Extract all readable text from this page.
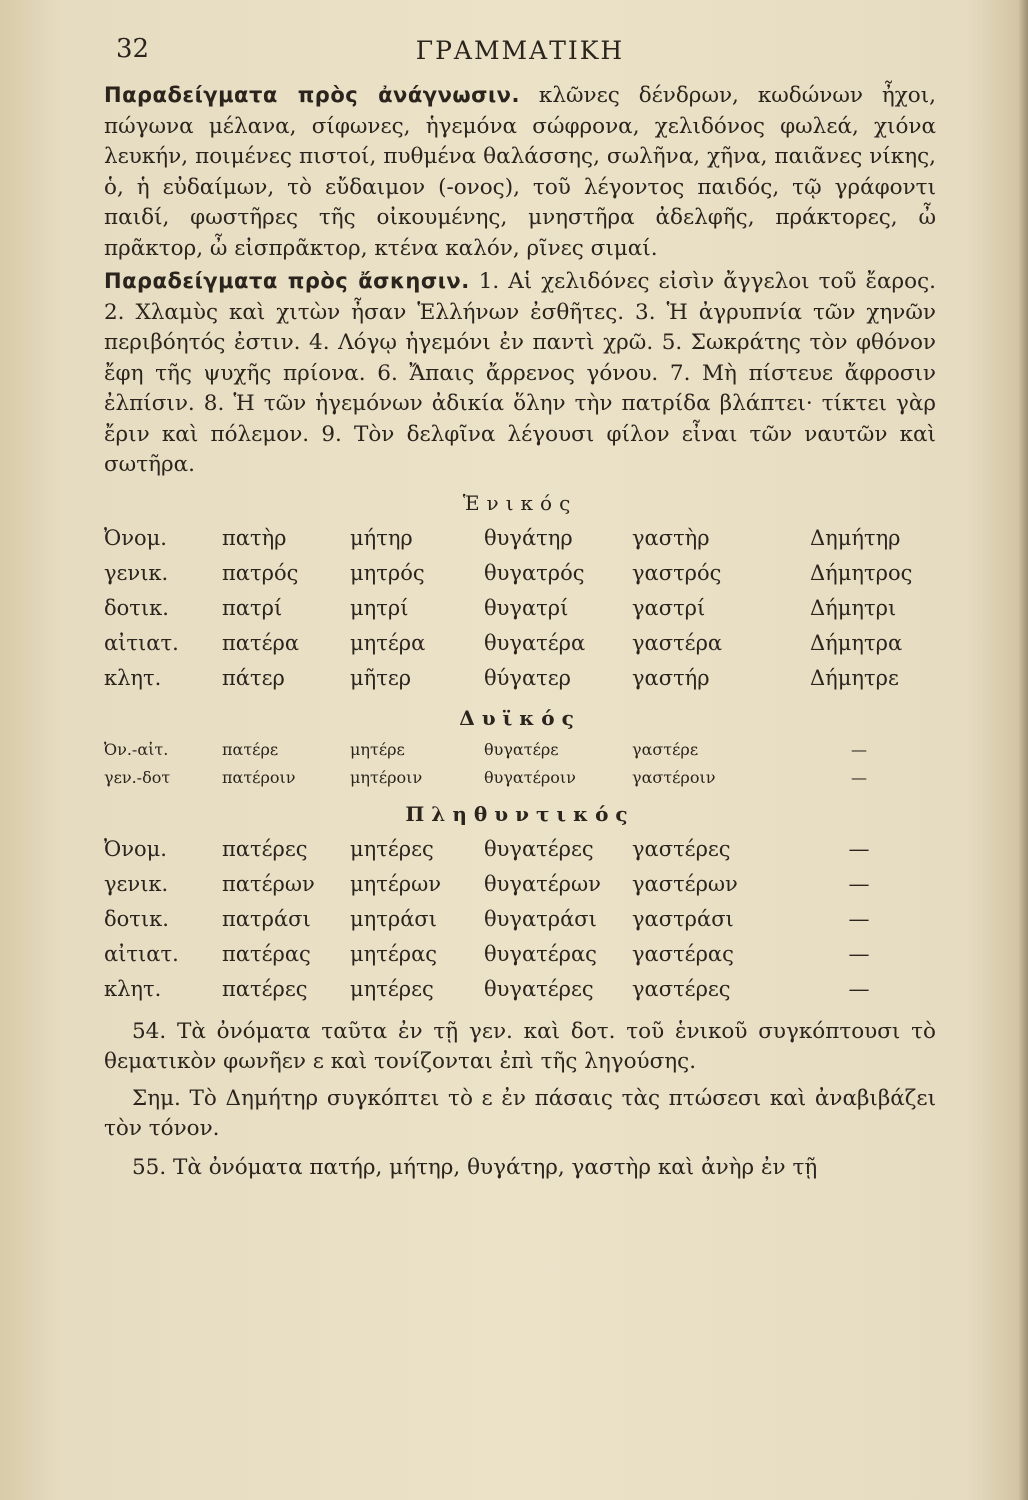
32	ΓΡΑΜΜΑΤΙΚΗ

Παραδείγματα πρὸς ἀνάγνωσιν. κλῶνες δένδρων, κωδώνων ἦχοι, πώγωνα μέλανα, σίφωνες, ἡγεμόνα σώφρονα, χελιδόνος φωλεά, χιόνα λευκήν, ποιμένες πιστοί, πυθμένα θαλάσσης, σωλῆνα, χῆνα, παιᾶνες νίκης, ὁ, ἡ εὐδαίμων, τὸ εὔδαιμον (-ονος), τοῦ λέγοντος παιδός, τῷ γράφοντι παιδί, φωστῆρες τῆς οἰκουμένης, μνηστῆρα ἀδελφῆς, πράκτορες, ὦ πρᾶκτορ, ὦ εἰσπρᾶκτορ, κτένα καλόν, ρῖνες σιμαί.

Παραδείγματα πρὸς ἄσκησιν. 1. Αἱ χελιδόνες εἰσὶν ἄγγελοι τοῦ ἔαρος. 2. Χλαμὺς καὶ χιτὼν ἦσαν Ἑλλήνων ἐσθῆτες. 3. Ἡ ἀγρυπνία τῶν χηνῶν περιβόητός ἐστιν. 4. Λόγῳ ἡγεμόνι ἐν παντὶ χρῶ. 5. Σωκράτης τὸν φθόνον ἔφη τῆς ψυχῆς πρίονα. 6. Ἄπαις ἄρρενος γόνου. 7. Μὴ πίστευε ἄφροσιν ἐλπίσιν. 8. Ἡ τῶν ἡγεμόνων ἀδικία ὅλην τὴν πατρίδα βλάπτει· τίκτει γὰρ ἔριν καὶ πόλεμον. 9. Τὸν δελφῖνα λέγουσι φίλον εἶναι τῶν ναυτῶν καὶ σωτῆρα.

Ἑνικός
Ὀνομ.	πατὴρ	μήτηρ	θυγάτηρ	γαστὴρ	Δημήτηρ
γενικ.	πατρός	μητρός	θυγατρός	γαστρός	Δήμητρος
δοτικ.	πατρί	μητρί	θυγατρί	γαστρί	Δήμητρι
αἰτιατ.	πατέρα	μητέρα	θυγατέρα	γαστέρα	Δήμητρα
κλητ.	πάτερ	μῆτερ	θύγατερ	γαστήρ	Δήμητρε
Δυϊκός
Ὀν.-αἰτ.	πατέρε	μητέρε	θυγατέρε	γαστέρε	—
γεν.-δοτ	πατέροιν	μητέροιν	θυγατέροιν	γαστέροιν	—
Πληθυντικός
Ὀνομ.	πατέρες	μητέρες	θυγατέρες	γαστέρες	—
γενικ.	πατέρων	μητέρων	θυγατέρων	γαστέρων	—
δοτικ.	πατράσι	μητράσι	θυγατράσι	γαστράσι	—
αἰτιατ.	πατέρας	μητέρας	θυγατέρας	γαστέρας	—
κλητ.	πατέρες	μητέρες	θυγατέρες	γαστέρες	—

54. Τὰ ὀνόματα ταῦτα ἐν τῇ γεν. καὶ δοτ. τοῦ ἑνικοῦ συγκόπτουσι τὸ θεματικὸν φωνῆεν ε καὶ τονίζονται ἐπὶ τῆς ληγούσης.

Σημ. Τὸ Δημήτηρ συγκόπτει τὸ ε ἐν πάσαις τὰς πτώσεσι καὶ ἀναβιβάζει τὸν τόνον.

55. Τὰ ὀνόματα πατήρ, μήτηρ, θυγάτηρ, γαστὴρ καὶ ἀνὴρ ἐν τῇ
